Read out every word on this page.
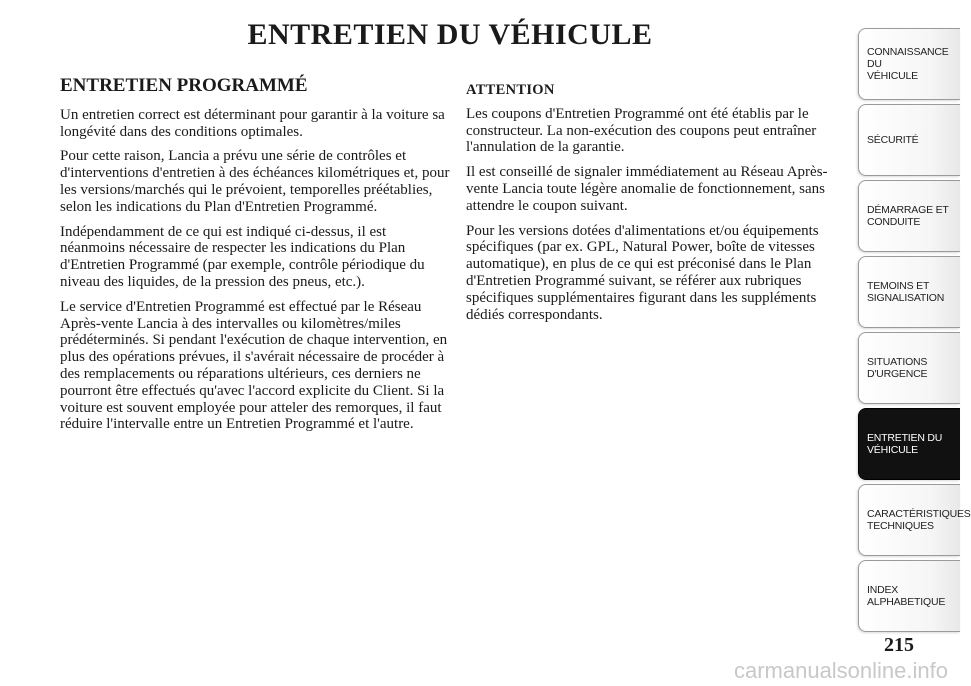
ENTRETIEN DU VÉHICULE
ENTRETIEN PROGRAMMÉ

Un entretien correct est déterminant pour garantir à la voiture sa longévité dans des conditions optimales.

Pour cette raison, Lancia a prévu une série de contrôles et d'interventions d'entretien à des échéances kilométriques et, pour les versions/marchés qui le prévoient, temporelles préétablies, selon les indications du Plan d'Entretien Programmé.

Indépendamment de ce qui est indiqué ci-dessus, il est néanmoins nécessaire de respecter les indications du Plan d'Entretien Programmé (par exemple, contrôle périodique du niveau des liquides, de la pression des pneus, etc.).

Le service d'Entretien Programmé est effectué par le Réseau Après-vente Lancia à des intervalles ou kilomètres/miles prédéterminés. Si pendant l'exécution de chaque intervention, en plus des opérations prévues, il s'avérait nécessaire de procéder à des remplacements ou réparations ultérieurs, ces derniers ne pourront être effectués qu'avec l'accord explicite du Client. Si la voiture est souvent employée pour atteler des remorques, il faut réduire l'intervalle entre un Entretien Programmé et l'autre.

ATTENTION

Les coupons d'Entretien Programmé ont été établis par le constructeur. La non-exécution des coupons peut entraîner l'annulation de la garantie.

Il est conseillé de signaler immédiatement au Réseau Après-vente Lancia toute légère anomalie de fonctionnement, sans attendre le coupon suivant.

Pour les versions dotées d'alimentations et/ou équipements spécifiques (par ex. GPL, Natural Power, boîte de vitesses automatique), en plus de ce qui est préconisé dans le Plan d'Entretien Programmé suivant, se référer aux rubriques spécifiques supplémentaires figurant dans les suppléments dédiés correspondants.

CONNAISSANCE DU
VÉHICULE
SÉCURITÉ
DÉMARRAGE ET
CONDUITE
TEMOINS ET
SIGNALISATION
SITUATIONS
D'URGENCE
ENTRETIEN DU
VÉHICULE
CARACTÉRISTIQUES
TECHNIQUES
INDEX
ALPHABETIQUE
215
carmanualsonline.info
